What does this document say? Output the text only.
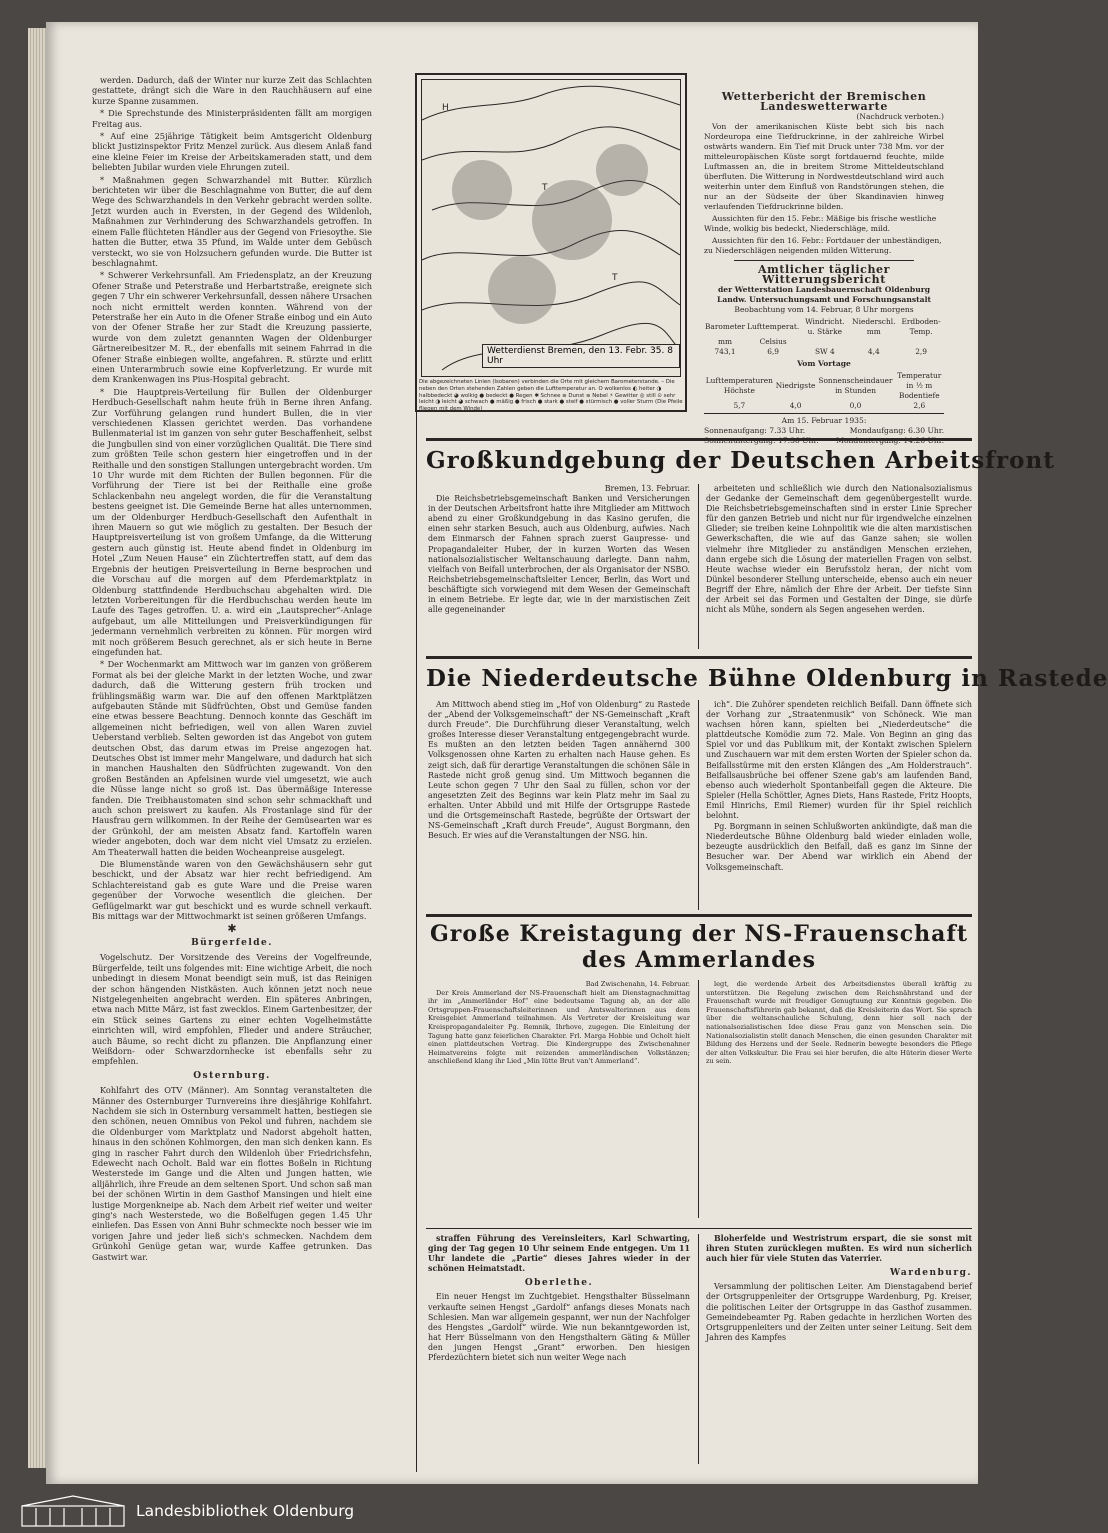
werden. Dadurch, daß der Winter nur kurze Zeit das Schlachten gestattete, drängt sich die Ware in den Rauchhäusern auf eine kurze Spanne zusammen.

* Die Sprechstunde des Ministerpräsidenten fällt am morgigen Freitag aus.

* Auf eine 25jährige Tätigkeit beim Amtsgericht Oldenburg blickt Justizinspektor Fritz Menzel zurück. Aus diesem Anlaß fand eine kleine Feier im Kreise der Arbeitskameraden statt, und dem beliebten Jubilar wurden viele Ehrungen zuteil.

* Maßnahmen gegen Schwarzhandel mit Butter. Kürzlich berichteten wir über die Beschlagnahme von Butter, die auf dem Wege des Schwarzhandels in den Verkehr gebracht werden sollte. Jetzt wurden auch in Eversten, in der Gegend des Wildenloh, Maßnahmen zur Verhinderung des Schwarzhandels getroffen. In einem Falle flüchteten Händler aus der Gegend von Friesoythe. Sie hatten die Butter, etwa 35 Pfund, im Walde unter dem Gebüsch versteckt, wo sie von Holzsuchern gefunden wurde. Die Butter ist beschlagnahmt.

* Schwerer Verkehrsunfall. Am Friedensplatz, an der Kreuzung Ofener Straße und Peterstraße und Herbartstraße, ereignete sich gegen 7 Uhr ein schwerer Verkehrsunfall, dessen nähere Ursachen noch nicht ermittelt werden konnten. Während von der Peterstraße her ein Auto in die Ofener Straße einbog und ein Auto von der Ofener Straße her zur Stadt die Kreuzung passierte, wurde von dem zuletzt genannten Wagen der Oldenburger Gärtnereibesitzer M. R., der ebenfalls mit seinem Fahrrad in die Ofener Straße einbiegen wollte, angefahren. R. stürzte und erlitt einen Unterarmbruch sowie eine Kopfverletzung. Er wurde mit dem Krankenwagen ins Pius-Hospital gebracht.

* Die Hauptpreis-Verteilung für Bullen der Oldenburger Herdbuch-Gesellschaft nahm heute früh in Berne ihren Anfang. Zur Vorführung gelangen rund hundert Bullen, die in vier verschiedenen Klassen gerichtet werden. Das vorhandene Bullenmaterial ist im ganzen von sehr guter Beschaffenheit, selbst die Jungbullen sind von einer vorzüglichen Qualität. Die Tiere sind zum größten Teile schon gestern hier eingetroffen und in der Reithalle und den sonstigen Stallungen untergebracht worden. Um 10 Uhr wurde mit dem Richten der Bullen begonnen. Für die Vorführung der Tiere ist bei der Reithalle eine große Schlackenbahn neu angelegt worden, die für die Veranstaltung bestens geeignet ist. Die Gemeinde Berne hat alles unternommen, um der Oldenburger Herdbuch-Gesellschaft den Aufenthalt in ihren Mauern so gut wie möglich zu gestalten. Der Besuch der Hauptpreisverteilung ist von großem Umfange, da die Witterung gestern auch günstig ist. Heute abend findet in Oldenburg im Hotel „Zum Neuen Hause“ ein Züchtertreffen statt, auf dem das Ergebnis der heutigen Preisverteilung in Berne besprochen und die Vorschau auf die morgen auf dem Pferdemarktplatz in Oldenburg stattfindende Herdbuchschau abgehalten wird. Die letzten Vorbereitungen für die Herdbuchschau werden heute im Laufe des Tages getroffen. U. a. wird ein „Lautsprecher“-Anlage aufgebaut, um alle Mitteilungen und Preisverkündigungen für jedermann vernehmlich verbreiten zu können. Für morgen wird mit noch größerem Besuch gerechnet, als er sich heute in Berne eingefunden hat.

* Der Wochenmarkt am Mittwoch war im ganzen von größerem Format als bei der gleiche Markt in der letzten Woche, und zwar dadurch, daß die Witterung gestern früh trocken und frühlingsmäßig warm war. Die auf den offenen Marktplätzen aufgebauten Stände mit Südfrüchten, Obst und Gemüse fanden eine etwas bessere Beachtung. Dennoch konnte das Geschäft im allgemeinen nicht befriedigen, weil von allen Waren zuviel Ueberstand verblieb. Selten geworden ist das Angebot von gutem deutschen Obst, das darum etwas im Preise angezogen hat. Deutsches Obst ist immer mehr Mangelware, und dadurch hat sich in manchen Haushalten den Südfrüchten zugewandt. Von den großen Beständen an Apfelsinen wurde viel umgesetzt, wie auch die Nüsse lange nicht so groß ist. Das übermäßige Interesse fanden. Die Treibhaustomaten sind schon sehr schmackhaft und auch schon preiswert zu kaufen. Als Frostanlage sind für der Hausfrau gern willkommen. In der Reihe der Gemüsearten war es der Grünkohl, der am meisten Absatz fand. Kartoffeln waren wieder angeboten, doch war dem nicht viel Umsatz zu erzielen. Am Theaterwall hatten die beiden Wocheanpreise ausgelegt.

Die Blumenstände waren von den Gewächshäusern sehr gut beschickt, und der Absatz war hier recht befriedigend. Am Schlachtereistand gab es gute Ware und die Preise waren gegenüber der Vorwoche wesentlich die gleichen. Der Geflügelmarkt war gut beschickt und es wurde schnell verkauft. Bis mittags war der Mittwochmarkt ist seinen größeren Umfangs.

✱
Bürgerfelde.

Vogelschutz. Der Vorsitzende des Vereins der Vogelfreunde, Bürgerfelde, teilt uns folgendes mit: Eine wichtige Arbeit, die noch unbedingt in diesem Monat beendigt sein muß, ist das Reinigen der schon hängenden Nistkästen. Auch können jetzt noch neue Nistgelegenheiten angebracht werden. Ein späteres Anbringen, etwa nach Mitte März, ist fast zwecklos. Einem Gartenbesitzer, der ein Stück seines Gartens zu einer echten Vogelheimstätte einrichten will, wird empfohlen, Flieder und andere Sträucher, auch Bäume, so recht dicht zu pflanzen. Die Anpflanzung einer Weißdorn- oder Schwarzdornhecke ist ebenfalls sehr zu empfehlen.

Osternburg.

Kohlfahrt des OTV (Männer). Am Sonntag veranstalteten die Männer des Osternburger Turnvereins ihre diesjährige Kohlfahrt. Nachdem sie sich in Osternburg versammelt hatten, bestiegen sie den schönen, neuen Omnibus von Pekol und fuhren, nachdem sie die Oldenburger vom Marktplatz und Nadorst abgeholt hatten, hinaus in den schönen Kohlmorgen, den man sich denken kann. Es ging in rascher Fahrt durch den Wildenloh über Friedrichsfehn, Edewecht nach Ocholt. Bald war ein flottes Boßeln in Richtung Westerstede im Gange und die Alten und Jungen hatten, wie alljährlich, ihre Freude an dem seltenen Sport. Und schon saß man bei der schönen Wirtin in dem Gasthof Mansingen und hielt eine lustige Morgenkneipe ab. Nach dem Arbeit rief weiter und weiter ging's nach Westerstede, wo die Boßelfugen gegen 1.45 Uhr einliefen. Das Essen von Anni Buhr schmeckte noch besser wie im vorigen Jahre und jeder ließ sich's schmecken. Nachdem dem Grünkohl Genüge getan war, wurde Kaffee getrunken. Das Gastwirt war.

H
T
T
Wetterdienst Bremen, den 13. Febr. 35. 8 Uhr
Die abgezeichneten Linien (Isobaren) verbinden die Orte mit gleichem Barometerstande. – Die neben den Orten stehenden Zahlen geben die Lufttemperatur an. O wolkenlos ◐ heiter ◑ halbbedeckt ◕ wolkig ● bedeckt ● Regen ✱ Schnee ≡ Dunst ≡ Nebel ⚡ Gewitter ◎ still ⊙ sehr leicht ◑ leicht ◕ schwach ● mäßig ● frisch ● stark ● steif ● stürmisch ● voller Sturm (Die Pfeile fliegen mit dem Winde)
Wetterbericht der Bremischen Landeswetterwarte
(Nachdruck verboten.)
Von der amerikanischen Küste bebt sich bis nach Nordeuropa eine Tiefdruckrinne, in der zahlreiche Wirbel ostwärts wandern. Ein Tief mit Druck unter 738 Mm. vor der mitteleuropäischen Küste sorgt fortdauernd feuchte, milde Luftmassen an, die in breitem Strome Mitteldeutschland überfluten. Die Witterung in Nordwestdeutschland wird auch weiterhin unter dem Einfluß von Randstörungen stehen, die nur an der Südseite der über Skandinavien hinweg verlaufenden Tiefdruckrinne bilden.
Aussichten für den 15. Febr.: Mäßige bis frische westliche Winde, wolkig bis bedeckt, Niederschläge, mild.
Aussichten für den 16. Febr.: Fortdauer der unbeständigen, zu Niederschlägen neigenden milden Witterung.
Amtlicher täglicher Witterungsbericht
der Wetterstation Landesbauernschaft Oldenburg
Landw. Untersuchungsamt und Forschungsanstalt
Beobachtung vom 14. Februar, 8 Uhr morgens
Barometer	Lufttemperat.	Windricht. u. Stärke	Niederschl. mm	Erdboden-Temp.
mm	Celsius			
743,1	6,9	SW 4	4,4	2,9
Vom Vortage
Lufttemperaturen Höchste	Niedrigste	Sonnenscheindauer in Stunden	Temperatur in ½ m Bodentiefe
5,7	4,0	0,0	2,6
Am 15. Februar 1935:
Sonnenaufgang: 7.33 Uhr.	Mondaufgang: 6.30 Uhr.
Großkundgebung der Deutschen Arbeitsfront
Bremen, 13. Februar.

Die Reichsbetriebsgemeinschaft Banken und Versicherungen in der Deutschen Arbeitsfront hatte ihre Mitglieder am Mittwoch abend zu einer Großkundgebung in das Kasino gerufen, die einen sehr starken Besuch, auch aus Oldenburg, aufwies. Nach dem Einmarsch der Fahnen sprach zuerst Gaupresse- und Propagandaleiter Huber, der in kurzen Worten das Wesen nationalsozialistischer Weltanschauung darlegte. Dann nahm, vielfach von Beifall unterbrochen, der als Organisator der NSBO. Reichsbetriebsgemeinschaftsleiter Lencer, Berlin, das Wort und beschäftigte sich vorwiegend mit dem Wesen der Gemeinschaft in einem Betriebe. Er legte dar, wie in der marxistischen Zeit alle gegeneinander

arbeiteten und schließlich wie durch den Nationalsozialismus der Gedanke der Gemeinschaft dem gegenübergestellt wurde. Die Reichsbetriebsgemeinschaften sind in erster Linie Sprecher für den ganzen Betrieb und nicht nur für irgendwelche einzelnen Glieder; sie treiben keine Lohnpolitik wie die alten marxistischen Gewerkschaften, die wie auf das Ganze sahen; sie wollen vielmehr ihre Mitglieder zu anständigen Menschen erziehen, dann ergebe sich die Lösung der materiellen Fragen von selbst. Heute wachse wieder ein Berufsstolz heran, der nicht vom Dünkel besonderer Stellung unterscheide, ebenso auch ein neuer Begriff der Ehre, nämlich der Ehre der Arbeit. Der tiefste Sinn der Arbeit sei das Formen und Gestalten der Dinge, sie dürfe nicht als Mühe, sondern als Segen angesehen werden.

Die Niederdeutsche Bühne Oldenburg in Rastede

Am Mittwoch abend stieg im „Hof von Oldenburg“ zu Rastede der „Abend der Volksgemeinschaft“ der NS-Gemeinschaft „Kraft durch Freude“. Die Durchführung dieser Veranstaltung, welch großes Interesse dieser Veranstaltung entgegengebracht wurde. Es mußten an den letzten beiden Tagen annähernd 300 Volksgenossen ohne Karten zu erhalten nach Hause gehen. Es zeigt sich, daß für derartige Veranstaltungen die schönen Säle in Rastede nicht groß genug sind. Um Mittwoch begannen die Leute schon gegen 7 Uhr den Saal zu füllen, schon vor der angesetzten Zeit des Beginns war kein Platz mehr im Saal zu erhalten. Unter Abbild und mit Hilfe der Ortsgruppe Rastede und die Ortsgemeinschaft Rastede, begrüßte der Ortswart der NS-Gemeinschaft „Kraft durch Freude“, August Borgmann, den Besuch. Er wies auf die Veranstaltungen der NSG. hin.

ich“. Die Zuhörer spendeten reichlich Beifall. Dann öffnete sich der Vorhang zur „Straatenmusik“ von Schöneck. Wie man wachsen hören kann, spielten bei „Niederdeutsche“ die plattdeutsche Komödie zum 72. Male. Von Beginn an ging das Spiel vor und das Publikum mit, der Kontakt zwischen Spielern und Zuschauern war mit dem ersten Worten der Spieler schon da. Beifallsstürme mit den ersten Klängen des „Am Holderstrauch“. Beifallsausbrüche bei offener Szene gab's am laufenden Band, ebenso auch wiederholt Spontanbeifall gegen die Akteure. Die Spieler (Hella Schöttler, Agnes Diets, Hans Rastede, Fritz Hoopts, Emil Hinrichs, Emil Riemer) wurden für ihr Spiel reichlich belohnt.

Pg. Borgmann in seinen Schlußworten ankündigte, daß man die Niederdeutsche Bühne Oldenburg bald wieder einladen wolle, bezeugte ausdrücklich den Beifall, daß es ganz im Sinne der Besucher war. Der Abend war wirklich ein Abend der Volksgemeinschaft.

Große Kreistagung der NS-Frauenschaft
des Ammerlandes
Bad Zwischenahn, 14. Februar.

Der Kreis Ammerland der NS-Frauenschaft hielt am Dienstagnachmittag ihr im „Ammerländer Hof“ eine bedeutsame Tagung ab, an der alle Ortsgruppen-Frauenschaftsleiterinnen und Amtswalterinnen aus dem Kreisgebiet Ammerland teilnahmen. Als Vertreter der Kreisleitung war Kreispropagandaleiter Pg. Remnik, Ihrhove, zugegen. Die Einleitung der Tagung hatte ganz feierlichen Charakter. Frl. Marga Hobbie und Ocholt hielt einen plattdeutschen Vortrag. Die Kindergruppe des Zwischenahner Heimatvereins folgte mit reizenden ammerländischen Volkstänzen; anschließend klang ihr Lied „Min lütte Brut van't Ammerland“.

legt, die werdende Arbeit des Arbeitsdienstes überall kräftig zu unterstützen. Die Regelung zwischen dem Reichsnährstand und der Frauenschaft wurde mit freudiger Genugtuung zur Kenntnis gegeben. Die Frauenschaftsführerin gab bekannt, daß die Kreisleiterin das Wort. Sie sprach über die weltanschauliche Schulung, denn hier soll nach der nationalsozialistischen Idee diese Frau ganz von Menschen sein. Die Nationalsozialistin stellt danach Menschen, die einen gesunden Charakter mit Bildung des Herzens und der Seele. Rednerin bewegte besonders die Pflege der alten Volkskultur. Die Frau sei hier berufen, die alte Hüterin dieser Werte zu sein.

straffen Führung des Vereinsleiters, Karl Schwarting, ging der Tag gegen 10 Uhr seinem Ende entgegen. Um 11 Uhr landete die „Partie“ dieses Jahres wieder in der schönen Heimatstadt.

Oberlethe.

Ein neuer Hengst im Zuchtgebiet. Hengsthalter Büsselmann verkaufte seinen Hengst „Gardolf“ anfangs dieses Monats nach Schlesien. Man war allgemein gespannt, wer nun der Nachfolger des Hengstes „Gardolf“ würde. Wie nun bekanntgeworden ist, hat Herr Büsselmann von den Hengsthaltern Gäting & Müller den jungen Hengst „Grant“ erworben. Den hiesigen Pferdezüchtern bietet sich nun weiter Wege nach

Bloherfelde und Westristrum erspart, die sie sonst mit ihren Stuten zurücklegen mußten. Es wird nun sicherlich auch hier für viele Stuten das Vaterrier.

Wardenburg.

Versammlung der politischen Leiter. Am Dienstagabend berief der Ortsgruppenleiter der Ortsgruppe Wardenburg, Pg. Kreiser, die politischen Leiter der Ortsgruppe in das Gasthof zusammen. Gemeindebeamter Pg. Raben gedachte in herzlichen Worten des Ortsgruppenleiters und der Zeiten unter seiner Leitung. Seit dem Jahren des Kampfes

Landesbibliothek Oldenburg
